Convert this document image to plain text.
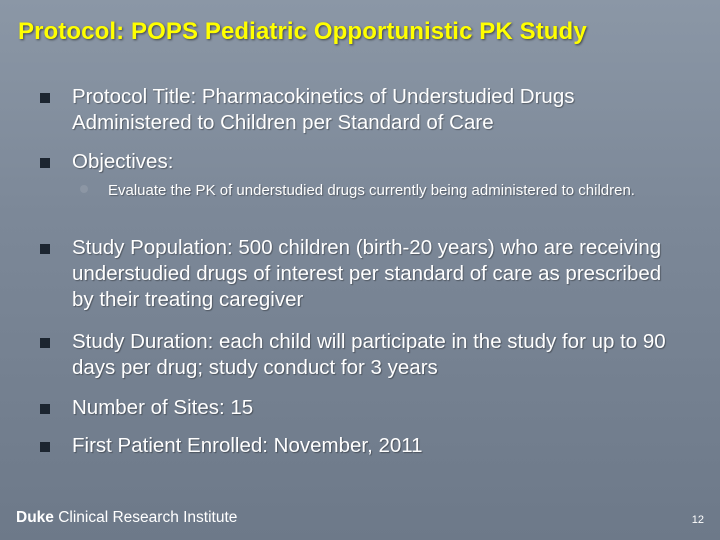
Protocol: POPS Pediatric Opportunistic PK Study
Protocol Title: Pharmacokinetics of Understudied Drugs Administered to Children per Standard of Care
Objectives:
Evaluate the PK of understudied drugs currently being administered to children.
Study Population: 500 children (birth-20 years) who are receiving understudied drugs of interest per standard of care as prescribed by their treating caregiver
Study Duration: each child will participate in the study for up to 90 days per drug; study conduct for 3 years
Number of Sites: 15
First Patient Enrolled: November, 2011
Duke Clinical Research Institute	12
